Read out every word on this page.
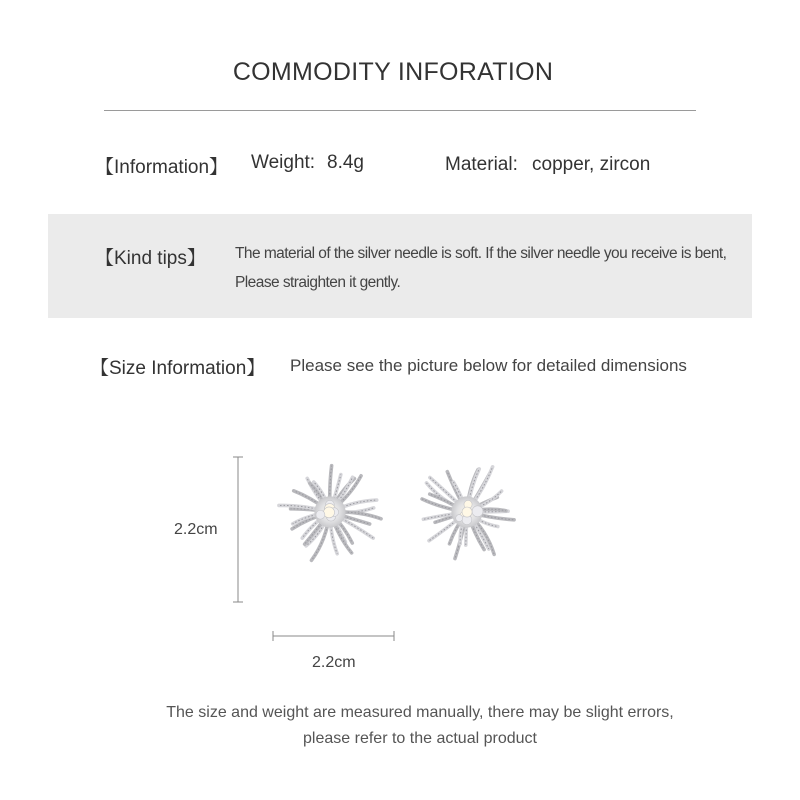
COMMODITY INFORATION
【Information】 Weight: 8.4g	Material: copper, zircon
【Kind tips】 The material of the silver needle is soft. If the silver needle you receive is bent,
Please straighten it gently.
【Size Information】 Please see the picture below for detailed dimensions
2.2cm
2.2cm
The size and weight are measured manually, there may be slight errors,
please refer to the actual product
